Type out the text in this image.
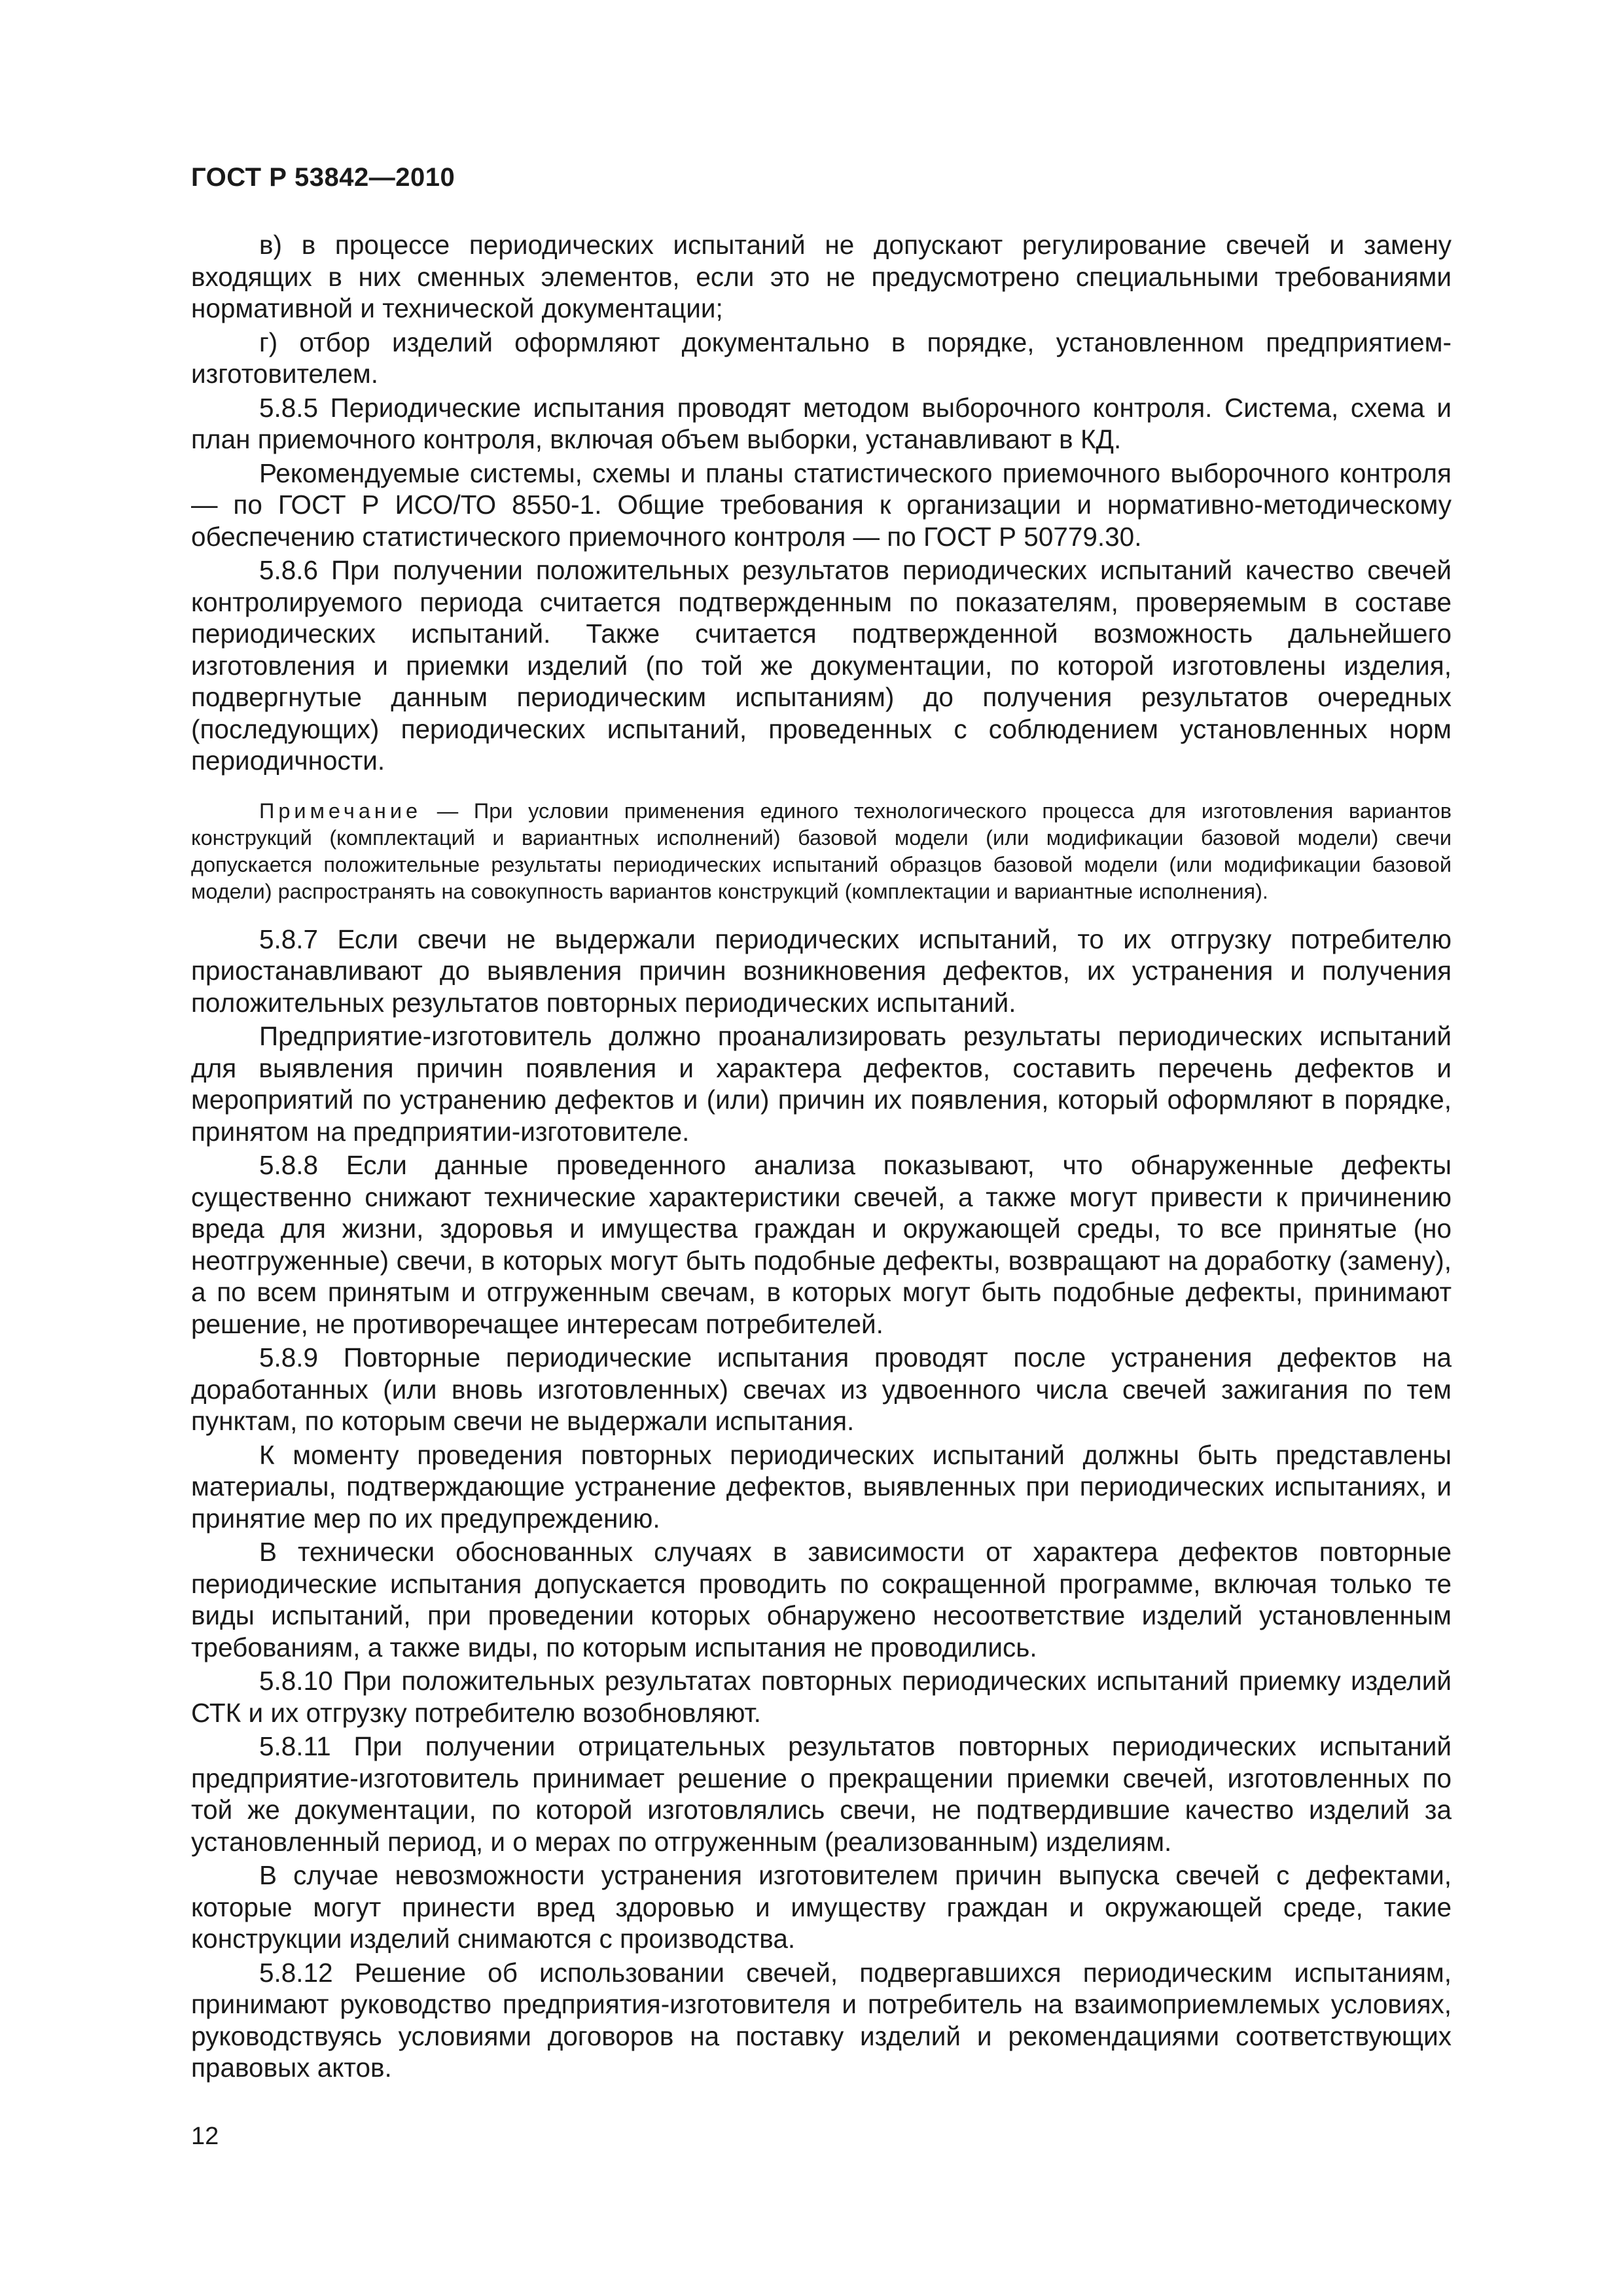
ГОСТ Р 53842—2010

в) в процессе периодических испытаний не допускают регулирование свечей и замену входящих в них сменных элементов, если это не предусмотрено специальными требованиями нормативной и технической документации;

г) отбор изделий оформляют документально в порядке, установленном предприятием-изготовителем.

5.8.5 Периодические испытания проводят методом выборочного контроля. Система, схема и план приемочного контроля, включая объем выборки, устанавливают в КД.

Рекомендуемые системы, схемы и планы статистического приемочного выборочного контроля — по ГОСТ Р ИСО/ТО 8550-1. Общие требования к организации и нормативно-методическому обеспечению статистического приемочного контроля — по ГОСТ Р 50779.30.

5.8.6 При получении положительных результатов периодических испытаний качество свечей контролируемого периода считается подтвержденным по показателям, проверяемым в составе периодических испытаний. Также считается подтвержденной возможность дальнейшего изготовления и приемки изделий (по той же документации, по которой изготовлены изделия, подвергнутые данным периодическим испытаниям) до получения результатов очередных (последующих) периодических испытаний, проведенных с соблюдением установленных норм периодичности.

Примечание — При условии применения единого технологического процесса для изготовления вариантов конструкций (комплектаций и вариантных исполнений) базовой модели (или модификации базовой модели) свечи допускается положительные результаты периодических испытаний образцов базовой модели (или модификации базовой модели) распространять на совокупность вариантов конструкций (комплектации и вариантные исполнения).

5.8.7 Если свечи не выдержали периодических испытаний, то их отгрузку потребителю приостанавливают до выявления причин возникновения дефектов, их устранения и получения положительных результатов повторных периодических испытаний.

Предприятие-изготовитель должно проанализировать результаты периодических испытаний для выявления причин появления и характера дефектов, составить перечень дефектов и мероприятий по устранению дефектов и (или) причин их появления, который оформляют в порядке, принятом на предприятии-изготовителе.

5.8.8 Если данные проведенного анализа показывают, что обнаруженные дефекты существенно снижают технические характеристики свечей, а также могут привести к причинению вреда для жизни, здоровья и имущества граждан и окружающей среды, то все принятые (но неотгруженные) свечи, в которых могут быть подобные дефекты, возвращают на доработку (замену), а по всем принятым и отгруженным свечам, в которых могут быть подобные дефекты, принимают решение, не противоречащее интересам потребителей.

5.8.9 Повторные периодические испытания проводят после устранения дефектов на доработанных (или вновь изготовленных) свечах из удвоенного числа свечей зажигания по тем пунктам, по которым свечи не выдержали испытания.

К моменту проведения повторных периодических испытаний должны быть представлены материалы, подтверждающие устранение дефектов, выявленных при периодических испытаниях, и принятие мер по их предупреждению.

В технически обоснованных случаях в зависимости от характера дефектов повторные периодические испытания допускается проводить по сокращенной программе, включая только те виды испытаний, при проведении которых обнаружено несоответствие изделий установленным требованиям, а также виды, по которым испытания не проводились.

5.8.10 При положительных результатах повторных периодических испытаний приемку изделий СТК и их отгрузку потребителю возобновляют.

5.8.11 При получении отрицательных результатов повторных периодических испытаний предприятие-изготовитель принимает решение о прекращении приемки свечей, изготовленных по той же документации, по которой изготовлялись свечи, не подтвердившие качество изделий за установленный период, и о мерах по отгруженным (реализованным) изделиям.

В случае невозможности устранения изготовителем причин выпуска свечей с дефектами, которые могут принести вред здоровью и имуществу граждан и окружающей среде, такие конструкции изделий снимаются с производства.

5.8.12 Решение об использовании свечей, подвергавшихся периодическим испытаниям, принимают руководство предприятия-изготовителя и потребитель на взаимоприемлемых условиях, руководствуясь условиями договоров на поставку изделий и рекомендациями соответствующих правовых актов.

12
